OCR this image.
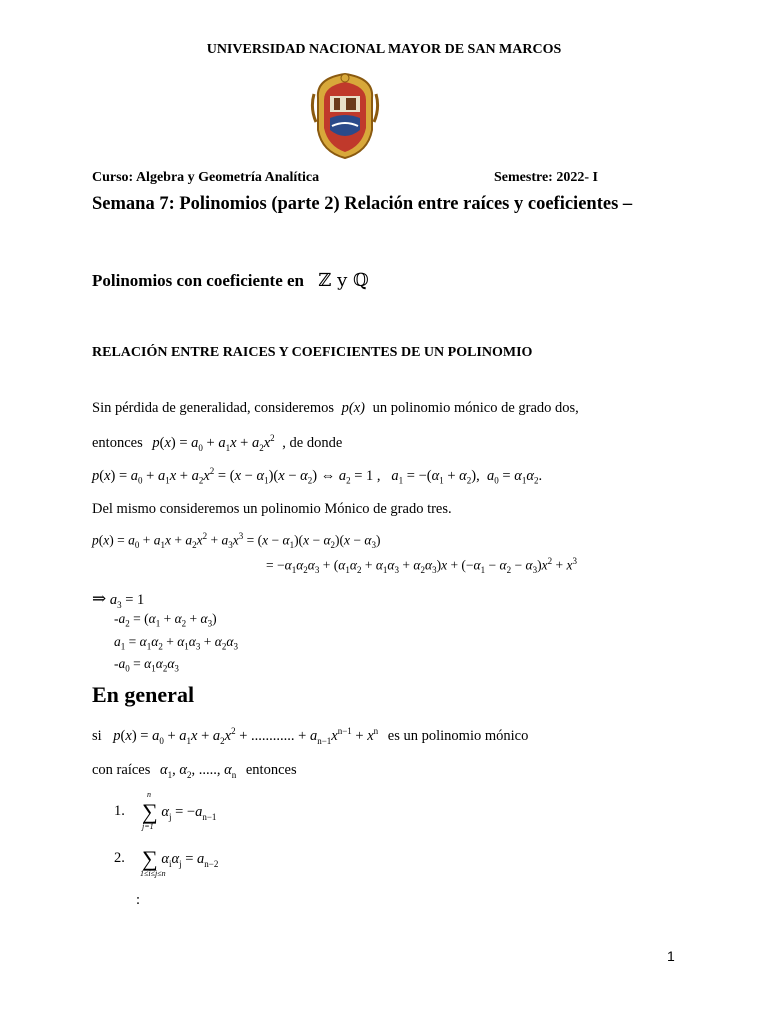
UNIVERSIDAD NACIONAL MAYOR DE SAN MARCOS
Curso: Algebra y Geometría Analítica	Semestre: 2022- I
Semana 7: Polinomios (parte 2) Relación entre raíces y coeficientes –
Polinomios con coeficiente en ℤ y ℚ
RELACIÓN ENTRE RAICES Y COEFICIENTES DE UN POLINOMIO
Sin pérdida de generalidad, consideremos p(x) un polinomio mónico de grado dos,
entonces $p(x) = a_0 + a_1x + a_2x^2$ , de donde
$p(x) = a_0 + a_1x + a_2x^2 = (x - \alpha_1)(x - \alpha_2)$ ⇔ $a_2 = 1$ ,   $a_1 = -(\alpha_1 + \alpha_2)$,  $a_0 = \alpha_1\alpha_2$.
Del mismo consideremos un polinomio Mónico de grado tres.
$p(x) = a_0 + a_1x + a_2x^2 + a_3x^3 = (x - \alpha_1)(x - \alpha_2)(x - \alpha_3)$
= $-\alpha_1\alpha_2\alpha_3 + (\alpha_1\alpha_2 + \alpha_1\alpha_3 + \alpha_2\alpha_3)x + (-\alpha_1 - \alpha_2 - \alpha_3)x^2 + x^3$
⇒ $a_3 = 1$
$-a_2 = (\alpha_1 + \alpha_2 + \alpha_3)$
$a_1 = \alpha_1\alpha_2 + \alpha_1\alpha_3 + \alpha_2\alpha_3$
$-a_0 = \alpha_1\alpha_2\alpha_3$
En general
si $p(x) = a_0 + a_1x + a_2x^2$ + ............ + $a_{n-1}x^{n-1} + x^n$ es un polinomio mónico
con raíces $\alpha_1$, $\alpha_2$, ....., $\alpha_n$ entonces
1.
n
∑
j=1
$\alpha_j = -a_{n-1}$
2. ∑
1≤i≤j≤n
$\alpha_i\alpha_j = a_{n-2}$
:
1
